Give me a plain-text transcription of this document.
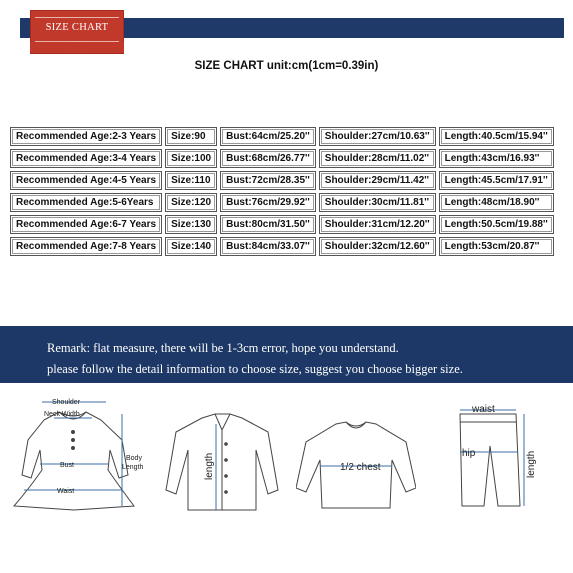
SIZE CHART
SIZE CHART unit:cm(1cm=0.39in)
Recommended Age:2-3 Years	Size:90	Bust:64cm/25.20''	Shoulder:27cm/10.63''	Length:40.5cm/15.94''
Recommended Age:3-4 Years	Size:100	Bust:68cm/26.77''	Shoulder:28cm/11.02''	Length:43cm/16.93''
Recommended Age:4-5 Years	Size:110	Bust:72cm/28.35''	Shoulder:29cm/11.42''	Length:45.5cm/17.91''
Recommended Age:5-6Years	Size:120	Bust:76cm/29.92''	Shoulder:30cm/11.81''	Length:48cm/18.90''
Recommended Age:6-7 Years	Size:130	Bust:80cm/31.50''	Shoulder:31cm/12.20''	Length:50.5cm/19.88''
Recommended Age:7-8 Years	Size:140	Bust:84cm/33.07''	Shoulder:32cm/12.60''	Length:53cm/20.87''
Remark: flat measure, there will be 1-3cm error, hope you understand.
please follow the detail information to choose size, suggest you choose bigger size.
Shoulder
Neck Width
Bust
Waist
Body
Length	length	1/2 chest
waist
hip	length
